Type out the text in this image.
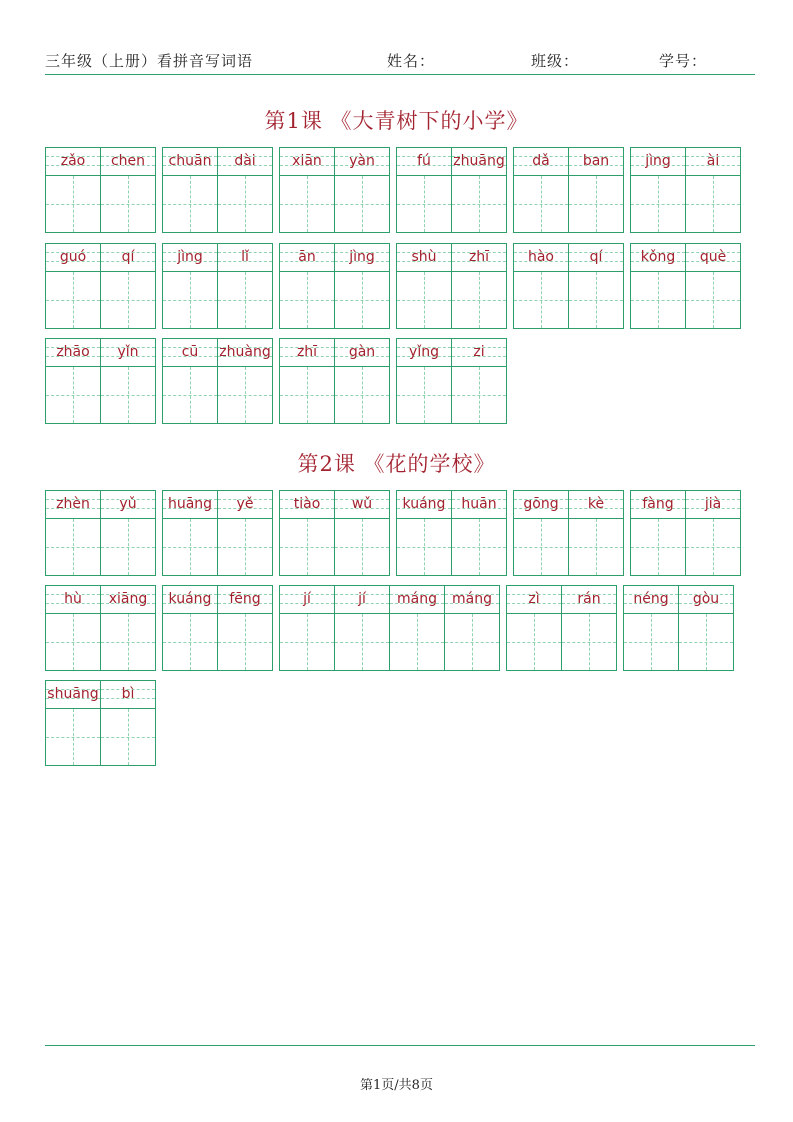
三年级（上册）看拼音写词语	姓名：	班级：	学号：
第1课 《大青树下的小学》
zǎo	chen	chuān	dài	xiān	yàn	fú	zhuāng	dǎ	ban	jìng	ài
guó	qí	jìng	lǐ	ān	jìng	shù	zhī	hào	qí	kǒng	què
zhāo	yǐn	cū	zhuàng	zhī	gàn	yǐng	zi
第2课 《花的学校》
zhèn	yǔ	huāng	yě	tiào	wǔ	kuáng	huān	gōng	kè	fàng	jià
hù	xiāng	kuáng	fēng	jí	jí	máng	máng	zì	rán	néng	gòu
shuāng	bì
第1页/共8页
